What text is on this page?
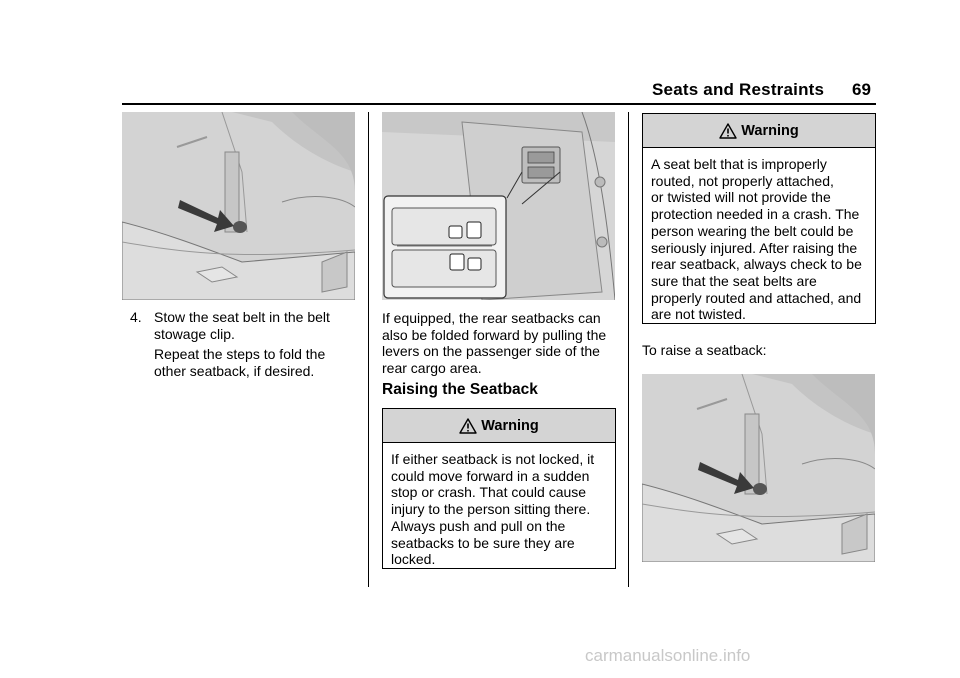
Seats and Restraints 69
4. Stow the seat belt in the belt
stowage clip.
Repeat the steps to fold the
other seatback, if desired.
If equipped, the rear seatbacks can
also be folded forward by pulling the
levers on the passenger side of the
rear cargo area.
Raising the Seatback
Warning
If either seatback is not locked, it
could move forward in a sudden
stop or crash. That could cause
injury to the person sitting there.
Always push and pull on the
seatbacks to be sure they are
locked.
Warning
A seat belt that is improperly
routed, not properly attached,
or twisted will not provide the
protection needed in a crash. The
person wearing the belt could be
seriously injured. After raising the
rear seatback, always check to be
sure that the seat belts are
properly routed and attached, and
are not twisted.
To raise a seatback:
carmanualsonline.info
